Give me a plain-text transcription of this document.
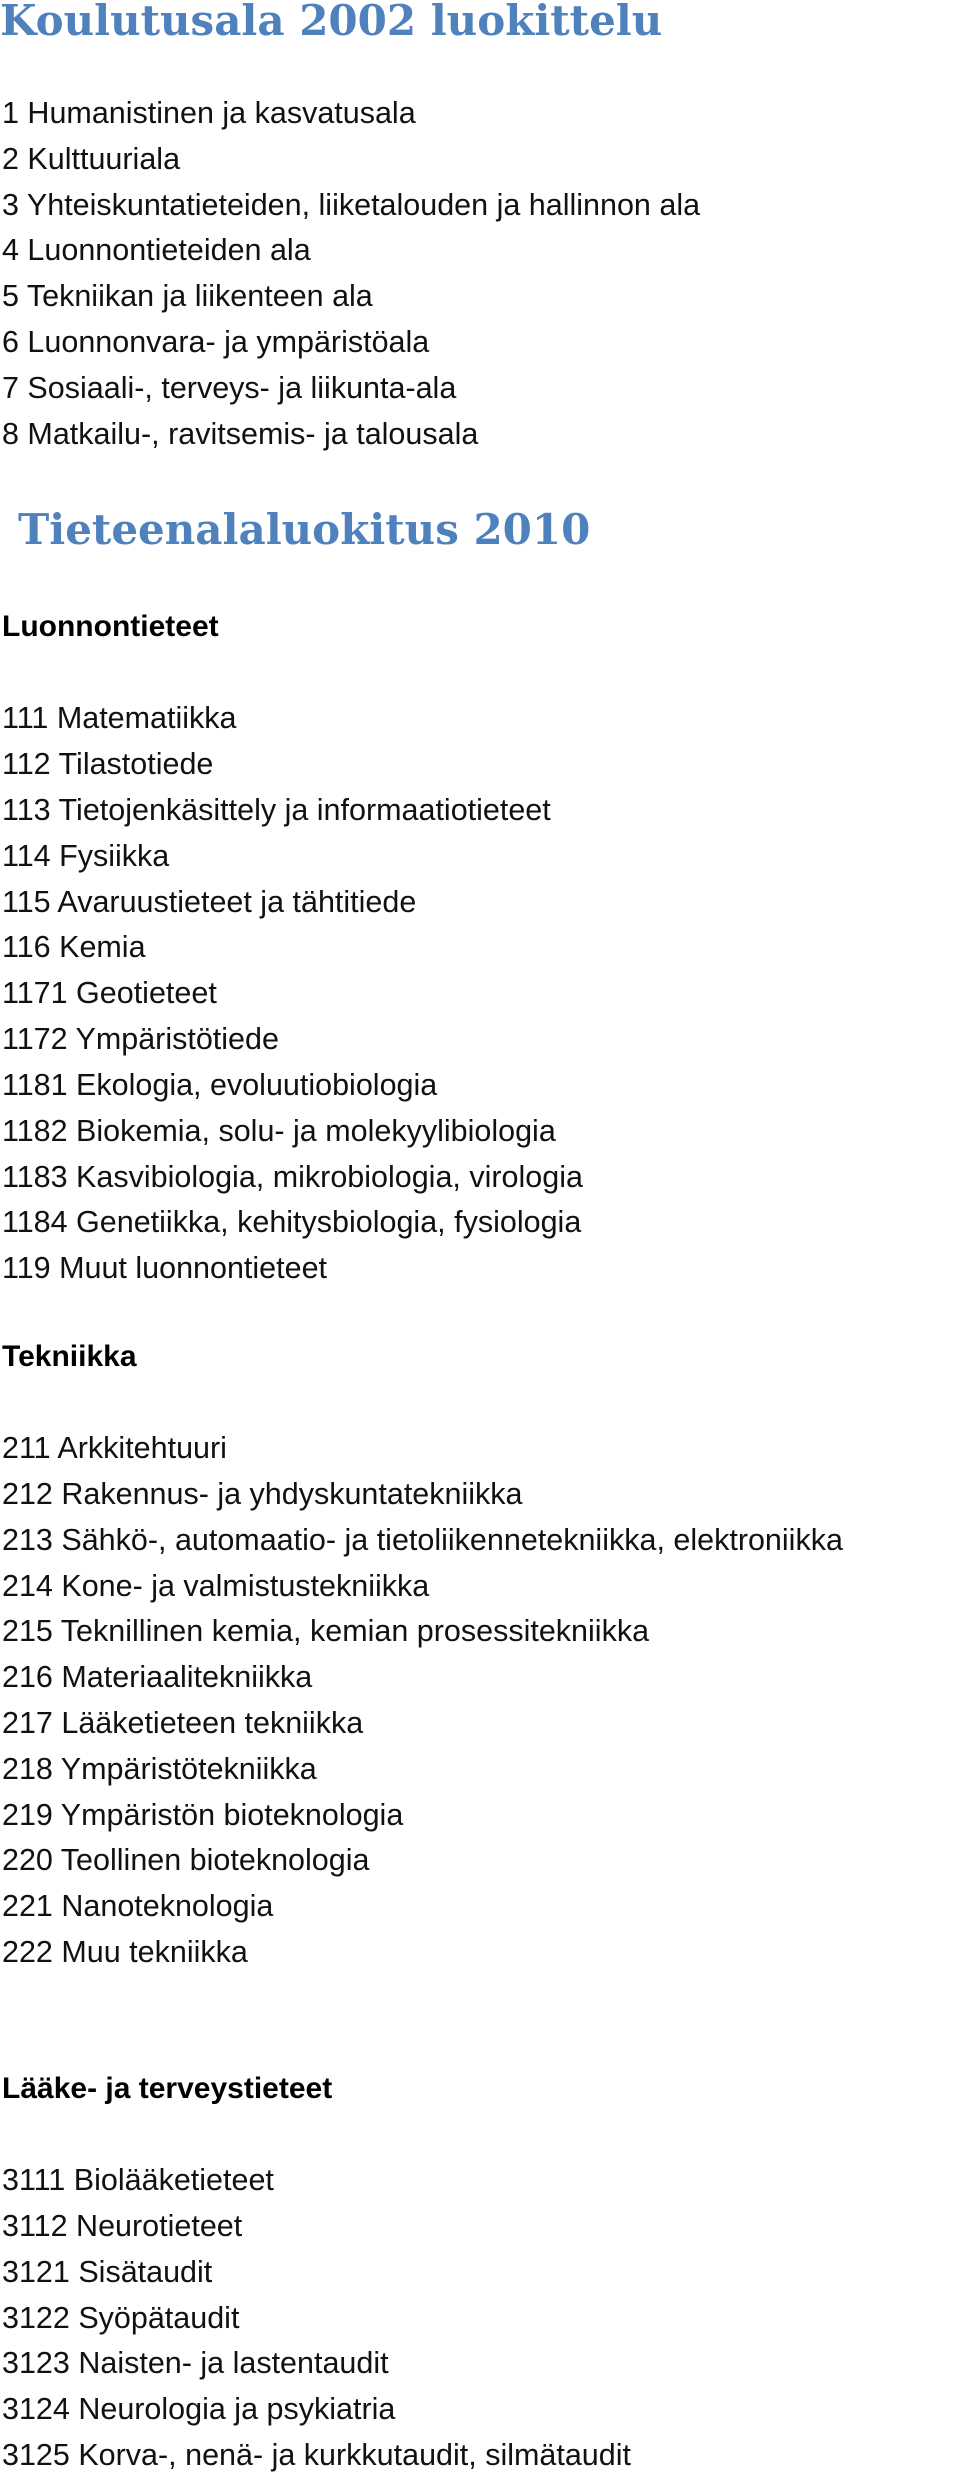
Koulutusala 2002 luokittelu
1 Humanistinen ja kasvatusala
2 Kulttuuriala
3 Yhteiskuntatieteiden, liiketalouden ja hallinnon ala
4 Luonnontieteiden ala
5 Tekniikan ja liikenteen ala
6 Luonnonvara- ja ympäristöala
7 Sosiaali-, terveys- ja liikunta-ala
8 Matkailu-, ravitsemis- ja talousala
Tieteenalaluokitus 2010
Luonnontieteet
111 Matematiikka
112 Tilastotiede
113 Tietojenkäsittely ja informaatiotieteet
114 Fysiikka
115 Avaruustieteet ja tähtitiede
116 Kemia
1171 Geotieteet
1172 Ympäristötiede
1181 Ekologia, evoluutiobiologia
1182 Biokemia, solu- ja molekyylibiologia
1183 Kasvibiologia, mikrobiologia, virologia
1184 Genetiikka, kehitysbiologia, fysiologia
119 Muut luonnontieteet
Tekniikka
211 Arkkitehtuuri
212 Rakennus- ja yhdyskuntatekniikka
213 Sähkö-, automaatio- ja tietoliikennetekniikka, elektroniikka
214 Kone- ja valmistustekniikka
215 Teknillinen kemia, kemian prosessitekniikka
216 Materiaalitekniikka
217 Lääketieteen tekniikka
218 Ympäristötekniikka
219 Ympäristön bioteknologia
220 Teollinen bioteknologia
221 Nanoteknologia
222 Muu tekniikka
Lääke- ja terveystieteet
3111 Biolääketieteet
3112 Neurotieteet
3121 Sisätaudit
3122 Syöpätaudit
3123 Naisten- ja lastentaudit
3124 Neurologia ja psykiatria
3125 Korva-, nenä- ja kurkkutaudit, silmätaudit
